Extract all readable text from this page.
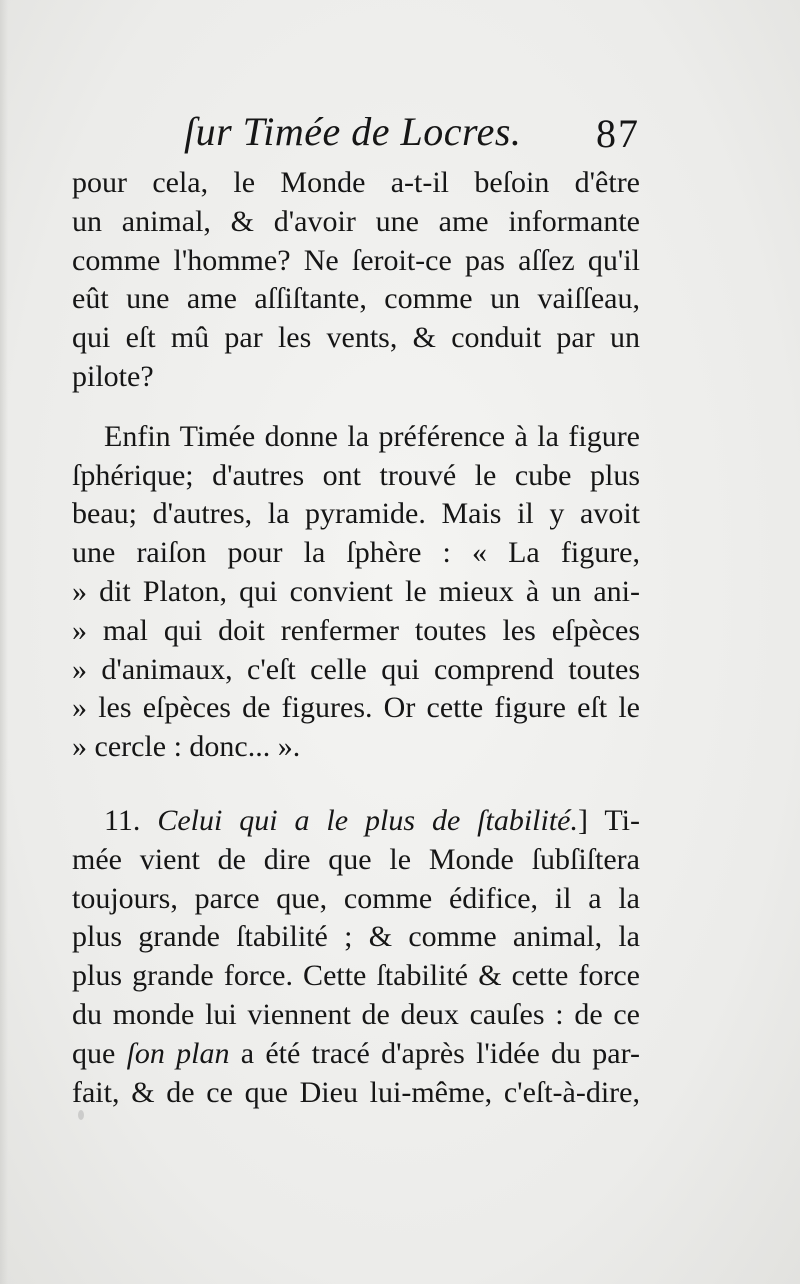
ſur Timée de Locres. 87
pour cela, le Monde a-t-il beſoin d'être
un animal, & d'avoir une ame informante
comme l'homme? Ne ſeroit-ce pas aſſez qu'il
eût une ame aſſiſtante, comme un vaiſſeau,
qui eſt mû par les vents, & conduit par un
pilote?
Enfin Timée donne la préférence à la figure
ſphérique; d'autres ont trouvé le cube plus
beau; d'autres, la pyramide. Mais il y avoit
une raiſon pour la ſphère : « La figure,
» dit Platon, qui convient le mieux à un ani-
» mal qui doit renfermer toutes les eſpèces
» d'animaux, c'eſt celle qui comprend toutes
» les eſpèces de figures. Or cette figure eſt le
» cercle : donc... ».
11. Celui qui a le plus de ſtabilité.] Ti-
mée vient de dire que le Monde ſubſiſtera
toujours, parce que, comme édifice, il a la
plus grande ſtabilité ; & comme animal, la
plus grande force. Cette ſtabilité & cette force
du monde lui viennent de deux cauſes : de ce
que ſon plan a été tracé d'après l'idée du par-
fait, & de ce que Dieu lui-même, c'eſt-à-dire,
